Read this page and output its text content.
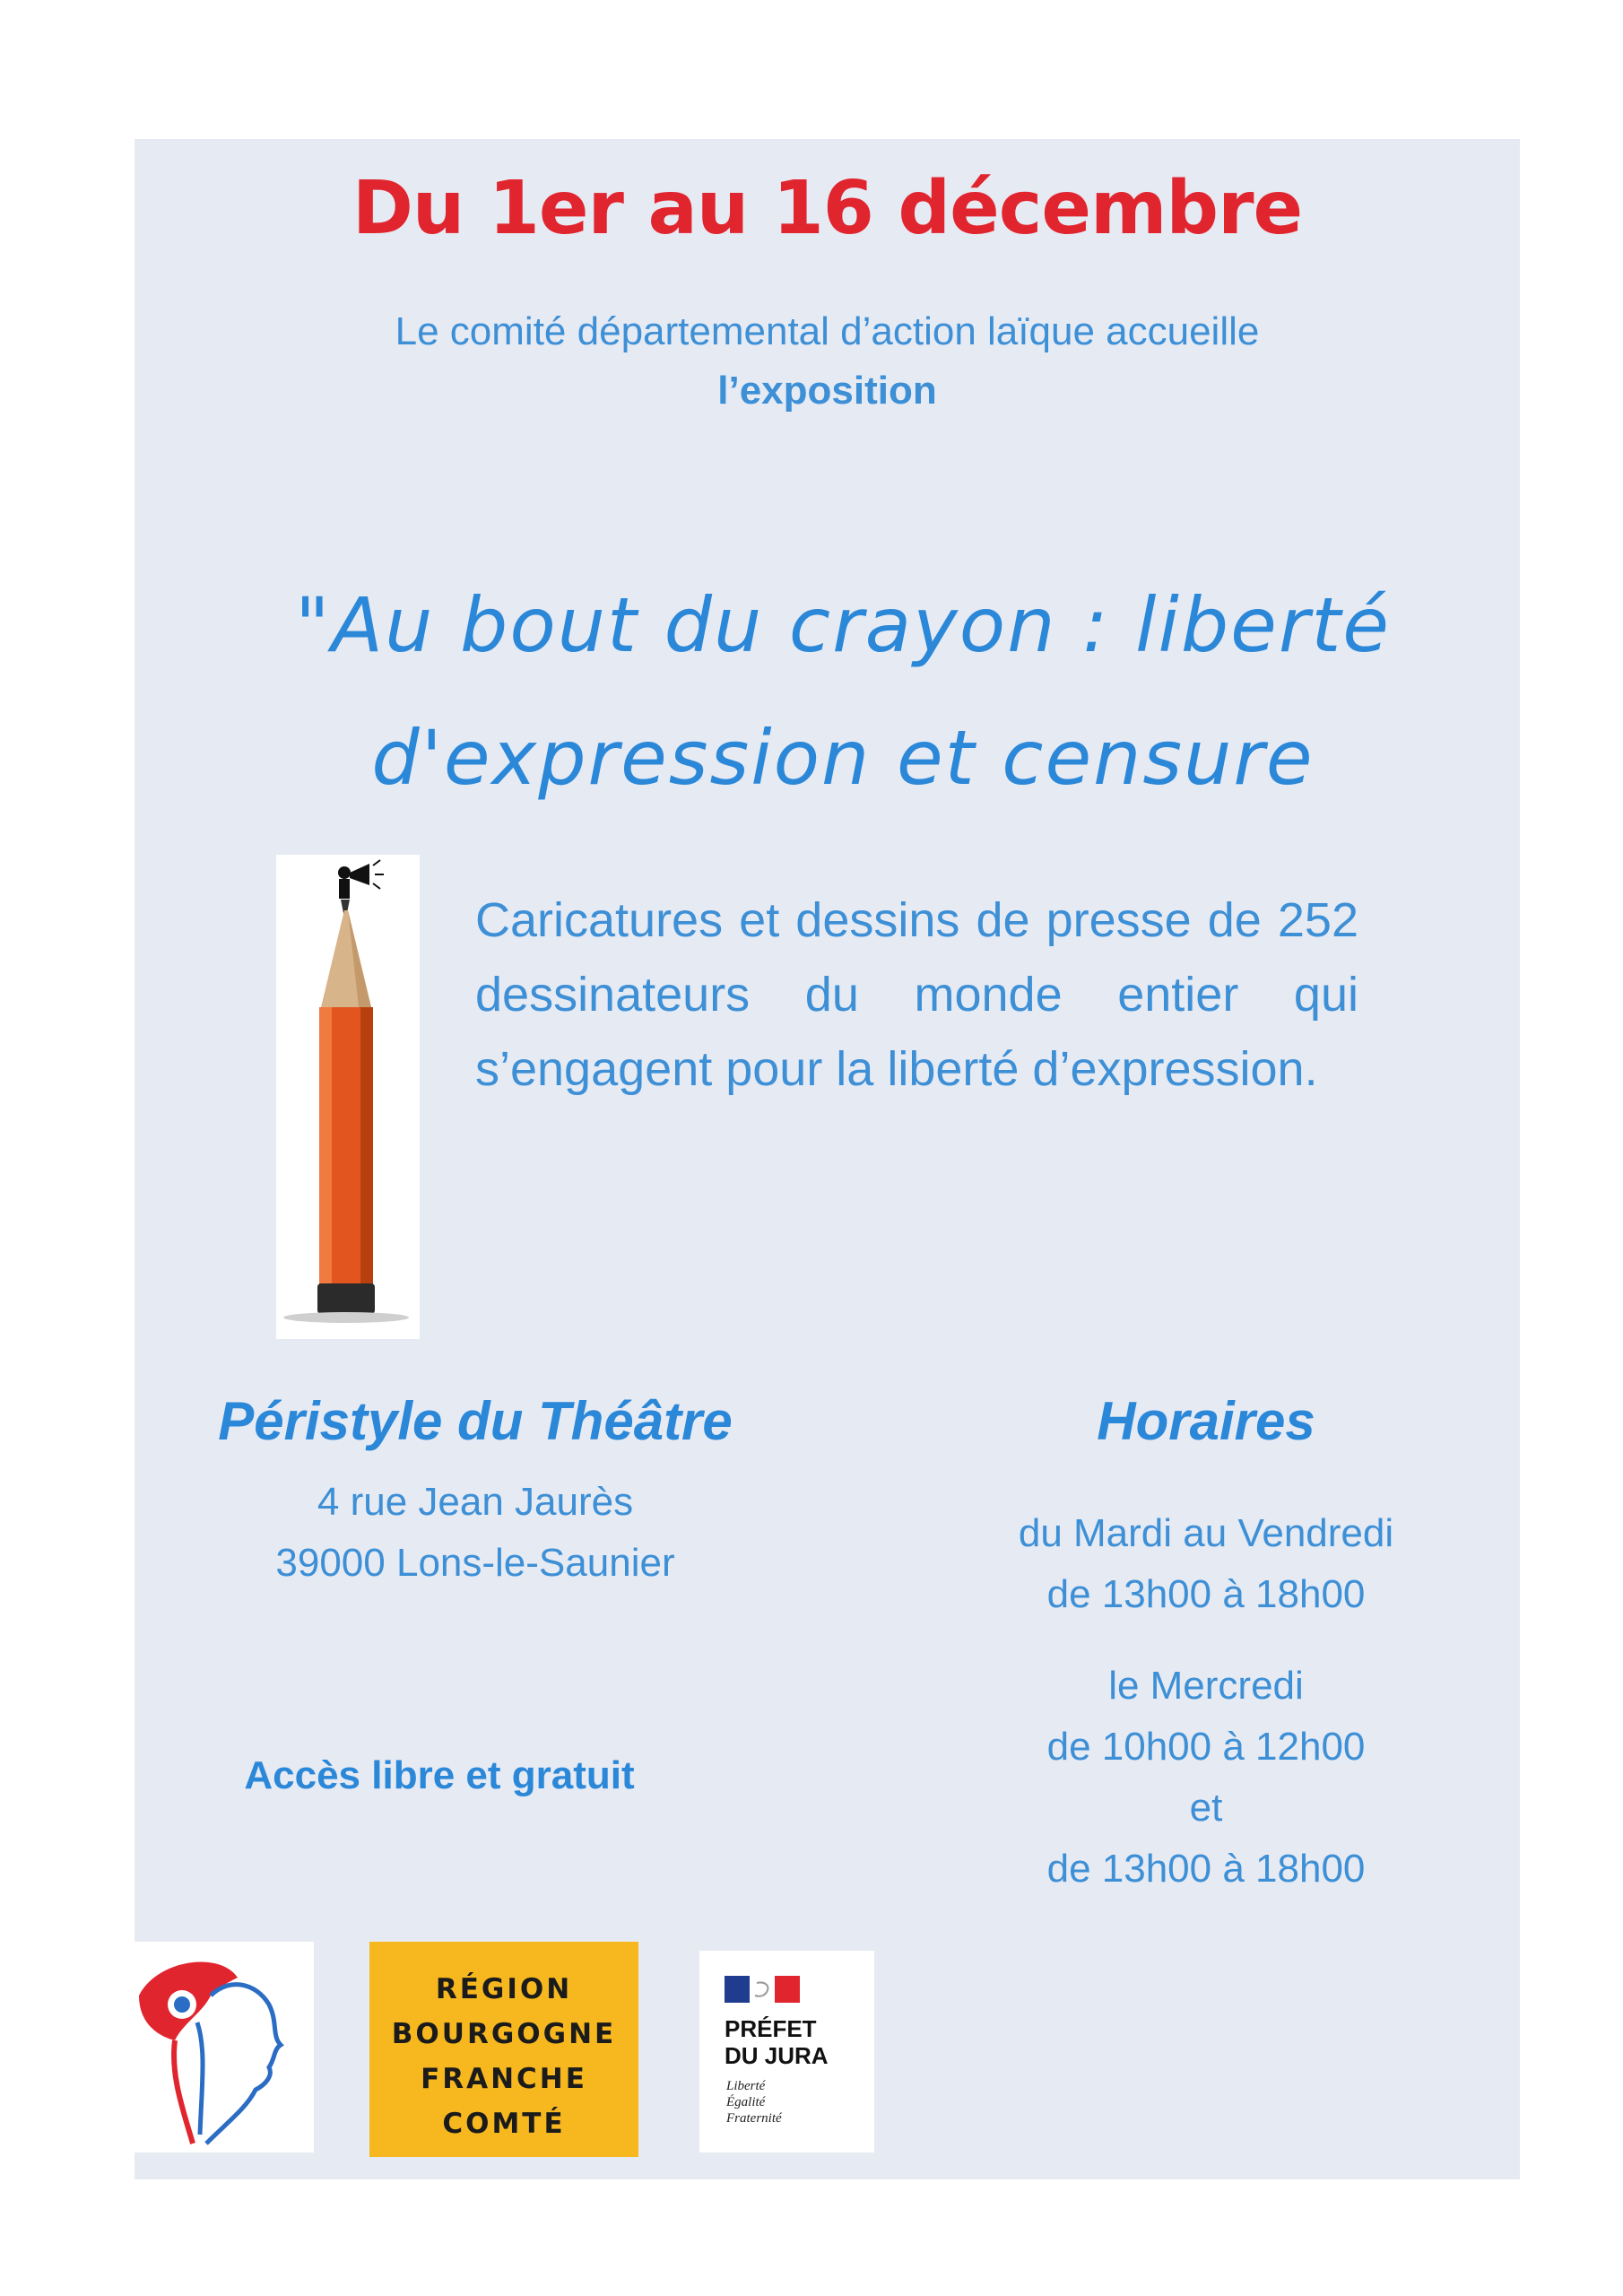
Du 1er au 16 décembre
Le comité départemental d’action laïque accueille
l’exposition
"Au bout du crayon : liberté
d'expression et censure
Caricatures et dessins de presse de 252 dessinateurs du monde entier qui s’engagent pour la liberté d’expression.
Péristyle du Théâtre
4 rue Jean Jaurès
39000 Lons-le-Saunier
Accès libre et gratuit
Horaires
du Mardi au Vendredi
de 13h00 à 18h00
le Mercredi
de 10h00 à 12h00
et
de 13h00 à 18h00
RÉGION
BOURGOGNE
FRANCHE
COMTÉ
PRÉFET
DU JURA
Liberté
Égalité
Fraternité
